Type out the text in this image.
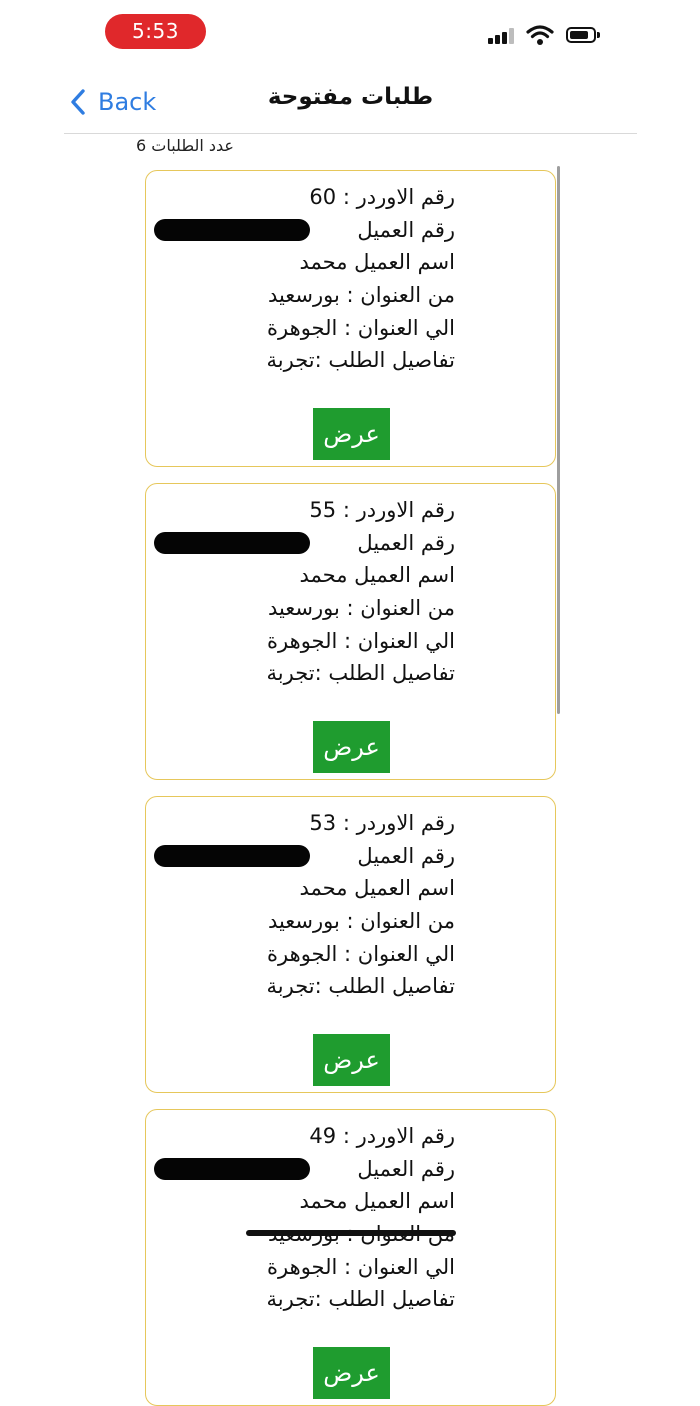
5:53
Back	طلبات مفتوحة
عدد الطلبات 6
رقم الاوردر : 60
رقم العميل
اسم العميل محمد
من العنوان : بورسعيد
الي العنوان : الجوهرة
تفاصيل الطلب :تجربة
عرض
رقم الاوردر : 55
رقم العميل
اسم العميل محمد
من العنوان : بورسعيد
الي العنوان : الجوهرة
تفاصيل الطلب :تجربة
عرض
رقم الاوردر : 53
رقم العميل
اسم العميل محمد
من العنوان : بورسعيد
الي العنوان : الجوهرة
تفاصيل الطلب :تجربة
عرض
رقم الاوردر : 49
رقم العميل
اسم العميل محمد
الي العنوان : الجوهرة
تفاصيل الطلب :تجربة
عرض
